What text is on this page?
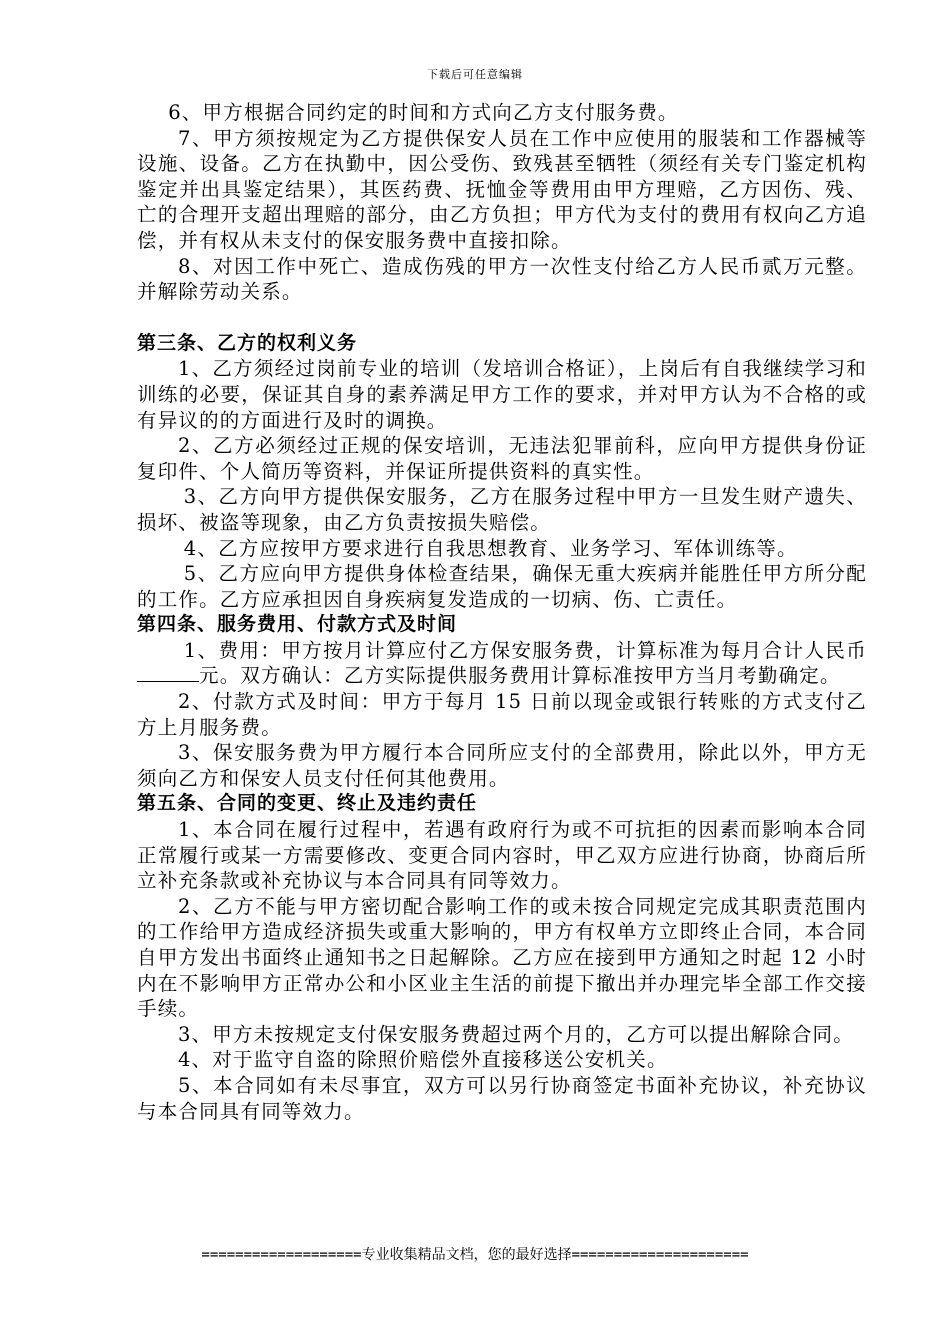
下载后可任意编辑

6、甲方根据合同约定的时间和方式向乙方支付服务费。

7、甲方须按规定为乙方提供保安人员在工作中应使用的服装和工作器械等设施、设备。乙方在执勤中，因公受伤、致残甚至牺牲（须经有关专门鉴定机构鉴定并出具鉴定结果），其医药费、抚恤金等费用由甲方理赔，乙方因伤、残、亡的合理开支超出理赔的部分，由乙方负担；甲方代为支付的费用有权向乙方追偿，并有权从未支付的保安服务费中直接扣除。

8、对因工作中死亡、造成伤残的甲方一次性支付给乙方人民币贰万元整。并解除劳动关系。

第三条、乙方的权利义务

1、乙方须经过岗前专业的培训（发培训合格证），上岗后有自我继续学习和训练的必要，保证其自身的素养满足甲方工作的要求，并对甲方认为不合格的或有异议的的方面进行及时的调换。

2、乙方必须经过正规的保安培训，无违法犯罪前科，应向甲方提供身份证复印件、个人简历等资料，并保证所提供资料的真实性。

3、乙方向甲方提供保安服务，乙方在服务过程中甲方一旦发生财产遗失、损坏、被盗等现象，由乙方负责按损失赔偿。

4、乙方应按甲方要求进行自我思想教育、业务学习、军体训练等。

5、乙方应向甲方提供身体检查结果，确保无重大疾病并能胜任甲方所分配的工作。乙方应承担因自身疾病复发造成的一切病、伤、亡责任。

第四条、服务费用、付款方式及时间

1、费用：甲方按月计算应付乙方保安服务费，计算标准为每月合计人民币元。双方确认：乙方实际提供服务费用计算标准按甲方当月考勤确定。

2、付款方式及时间：甲方于每月 15 日前以现金或银行转账的方式支付乙方上月服务费。

3、保安服务费为甲方履行本合同所应支付的全部费用，除此以外，甲方无须向乙方和保安人员支付任何其他费用。

第五条、合同的变更、终止及违约责任

1、本合同在履行过程中，若遇有政府行为或不可抗拒的因素而影响本合同正常履行或某一方需要修改、变更合同内容时，甲乙双方应进行协商，协商后所立补充条款或补充协议与本合同具有同等效力。

2、乙方不能与甲方密切配合影响工作的或未按合同规定完成其职责范围内的工作给甲方造成经济损失或重大影响的，甲方有权单方立即终止合同，本合同自甲方发出书面终止通知书之日起解除。乙方应在接到甲方通知之时起 12 小时内在不影响甲方正常办公和小区业主生活的前提下撤出并办理完毕全部工作交接手续。

3、甲方未按规定支付保安服务费超过两个月的，乙方可以提出解除合同。

4、对于监守自盗的除照价赔偿外直接移送公安机关。

5、本合同如有未尽事宜，双方可以另行协商签定书面补充协议，补充协议与本合同具有同等效力。

===================专业收集精品文档，您的最好选择=====================
